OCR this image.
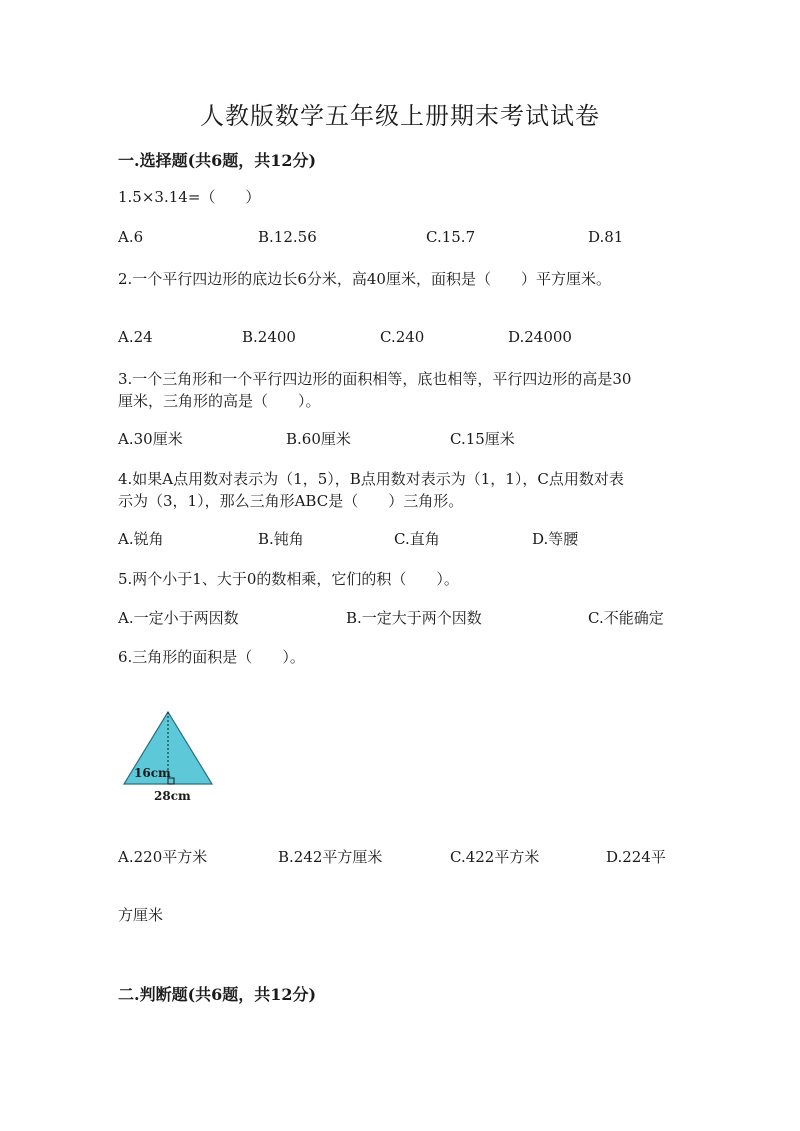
人教版数学五年级上册期末考试试卷
一.选择题(共6题，共12分)
1.5×3.14=（　　）
A.6	B.12.56	C.15.7	D.81
2.一个平行四边形的底边长6分米，高40厘米，面积是（　　）平方厘米。
A.24	B.2400	C.240	D.24000
3.一个三角形和一个平行四边形的面积相等，底也相等，平行四边形的高是30
厘米，三角形的高是（　　）。
A.30厘米	B.60厘米	C.15厘米
4.如果A点用数对表示为（1，5），B点用数对表示为（1，1），C点用数对表
示为（3，1），那么三角形ABC是（　　）三角形。
A.锐角	B.钝角	C.直角	D.等腰
5.两个小于1、大于0的数相乘，它们的积（　　）。
A.一定小于两因数	B.一定大于两个因数	C.不能确定
6.三角形的面积是（　　）。
16cm
28cm
A.220平方米	B.242平方厘米	C.422平方米	D.224平
方厘米
二.判断题(共6题，共12分)
